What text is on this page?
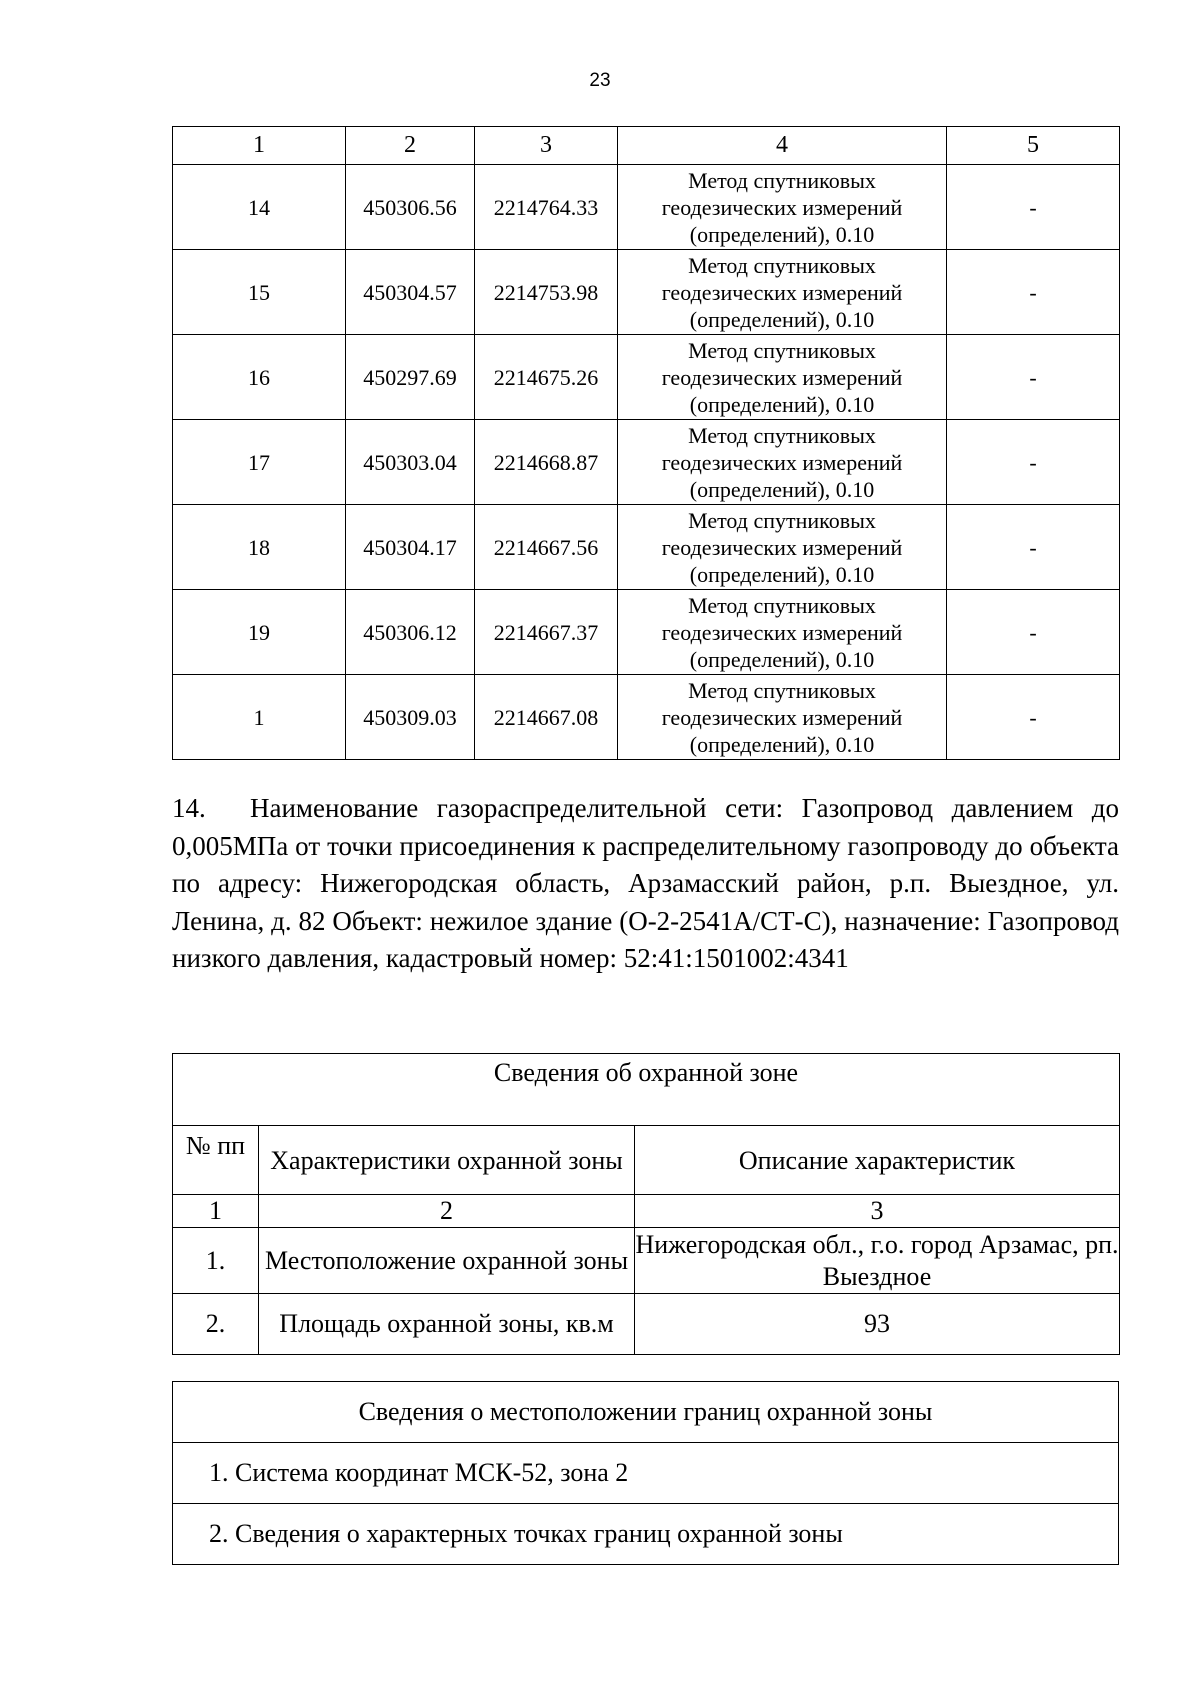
23
1	2	3	4	5
14	450306.56	2214764.33	Метод спутниковых
геодезических измерений
(определений), 0.10	-
15	450304.57	2214753.98	Метод спутниковых
геодезических измерений
(определений), 0.10	-
16	450297.69	2214675.26	Метод спутниковых
геодезических измерений
(определений), 0.10	-
17	450303.04	2214668.87	Метод спутниковых
геодезических измерений
(определений), 0.10	-
18	450304.17	2214667.56	Метод спутниковых
геодезических измерений
(определений), 0.10	-
19	450306.12	2214667.37	Метод спутниковых
геодезических измерений
(определений), 0.10	-
1	450309.03	2214667.08	Метод спутниковых
геодезических измерений
(определений), 0.10	-
14. Наименование газораспределительной сети: Газопровод давлением до 0,005МПа от точки присоединения к распределительному газопроводу до объекта по адресу: Нижегородская область, Арзамасский район, р.п. Выездное, ул. Ленина, д. 82 Объект: нежилое здание (О-2-2541А/СТ-С), назначение: Газопровод низкого давления, кадастровый номер: 52:41:1501002:4341
Сведения об охранной зоне		
№ пп	Характеристики охранной зоны	Описание характеристик
1	2	3
1.	Местоположение охранной зоны	Нижегородская обл., г.о. город Арзамас, рп. Выездное
2.	Площадь охранной зоны, кв.м	93
Сведения о местоположении границ охранной зоны
1. Система координат МСК-52, зона 2
2. Сведения о характерных точках границ охранной зоны
